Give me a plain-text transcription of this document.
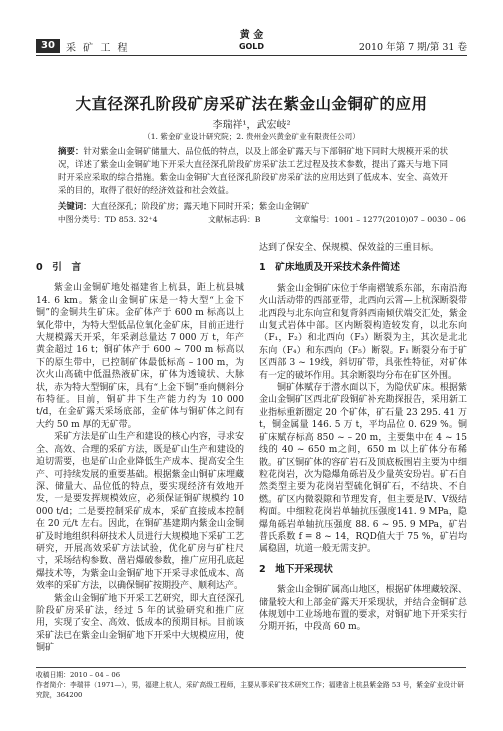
30	采 矿 工 程
黄 金
GOLD	2010 年第 7 期/第 31 卷
大直径深孔阶段矿房采矿法在紫金山金铜矿的应用
李瑞祥¹，武宏岐²
（1. 紫金矿业设计研究院；2. 贵州金兴黄金矿业有限责任公司）
摘要：针对紫金山金铜矿储量大、品位低的特点，以及上部金矿露天与下部铜矿地下同时大规模开采的状况，详述了紫金山金铜矿地下开采大直径深孔阶段矿房采矿法工艺过程及技术参数，提出了露天与地下同时开采应采取的综合措施。紫金山金铜矿大直径深孔阶段矿房采矿法的应用达到了低成本、安全、高效开采的目的，取得了很好的经济效益和社会效益。
关键词：大直径深孔；阶段矿房；露天地下同时开采；紫金山金铜矿
中图分类号：TD 853. 32⁺4	文献标志码：B	文章编号：1001 – 1277(2010)07 – 0030 – 06
0　引　言

紫金山金铜矿地处福建省上杭县，距上杭县城14. 6 km。紫金山金铜矿床是一特大型“上金下铜”的金铜共生矿床。金矿体产于 600 m 标高以上氧化带中，为特大型低品位氧化金矿床，目前正进行大规模露天开采，年采剥总量达 7 000 万 t，年产黄金超过 16 t；铜矿体产于 600 ~ 700 m 标高以下的原生带中，已控制矿体最低标高 – 100 m，为次火山高硫中低温热液矿床，矿体为透镜状、大脉状，赤为特大型铜矿床，具有“上金下铜”垂向侧斜分布特征。目前，铜矿井下生产能力约为 10 000 t/d，在金矿露天采场底部，金矿体与铜矿体之间有大约 50 m 厚的无矿带。

采矿方法是矿山生产和建设的核心内容，寻求安全、高效、合理的采矿方法，既是矿山生产和建设的迫切需要，也是矿山企业降低生产成本、提高安全生产、可持续发展的重要基础。根据紫金山铜矿床埋藏深、储量大、品位低的特点，要实现经济有效地开发，一是要发挥规模效应，必须保证铜矿规模约 10 000 t/d；二是要控制采矿成本，采矿直接成本控制在 20 元/t 左右。因此，在铜矿基建期内紫金山金铜矿及时地组织科研技术人员进行大规模地下采矿工艺研究，开展高效采矿方法试验，优化矿房与矿柱尺寸，采场结构参数、凿岩爆破参数，推广应用孔底起爆技术等，为紫金山金铜矿地下开采寻求低成本、高效率的采矿方法，以确保铜矿按期投产、顺利达产。

紫金山金铜矿地下开采工艺研究，即大直径深孔阶段矿房采矿法，经过 5 年的试验研究和推广应用，实现了安全、高效、低成本的预期目标。目前该采矿法已在紫金山金铜矿地下开采中大规模应用，使铜矿

达到了保安全、保规模、保效益的三重目标。

1　矿床地质及开采技术条件简述

紫金山金铜矿床位于华南褶皱系东部，东南沿海火山活动带的西部亚带，北西向云霄—上杭深断裂带北西段与北东向宣和复背斜西南倾伏端交汇处，紫金山复式岩体中部。区内断裂构造较发育，以北东向（F₁，F₂）和北西向（F₃）断裂为主，其次是北北东向（F₄）和东西向（F₅）断裂。F₁ 断裂分布于矿区西部 3 ~ 19线，斜切矿带，具张性特征，对矿体有一定的破坏作用。其余断裂均分布在矿区外围。

铜矿体赋存于潜水面以下，为隐伏矿床。根据紫金山金铜矿区西北矿段铜矿补充勘探报告，采用新工业指标重新圈定 20 个矿体，矿石量 23 295. 41 万 t，铜金属量 146. 5 万 t，平均品位 0. 629 %。铜矿床赋存标高 850 ~ – 20 m，主要集中在 4 ~ 15 线的 40 ~ 650 m之间，650 m 以上矿体分布稀散。矿区铜矿体的容矿岩石及顶底板围岩主要为中细粒花岗岩，次为隐爆角砾岩及少量英安玢岩。矿石自然类型主要为花岗岩型硫化铜矿石，不结块、不自燃。矿区内微裂隙和节理发育，但主要是Ⅳ、Ⅴ级结构面。中细粒花岗岩单轴抗压强度141. 9 MPa，隐爆角砾岩单轴抗压强度 88. 6 ~ 95. 9 MPa，矿岩普氏系数 f = 8 ~ 14，RQD值大于 75 %，矿岩均属稳固，坑道一般无需支护。

2　地下开采现状

紫金山金铜矿属高山地区，根据矿体埋藏较深、储量较大和上部金矿露天开采现状，并结合金铜矿总体规划中工业场地布置的要求，对铜矿地下开采实行分期开拓，中段高 60 m。

收稿日期：2010 – 04 – 06
作者简介：李瑞祥（1971—），男，福建上杭人，采矿高级工程师，主要从事采矿技术研究工作；福建省上杭县紫金路 53 号，紫金矿业设计研究院，364200
